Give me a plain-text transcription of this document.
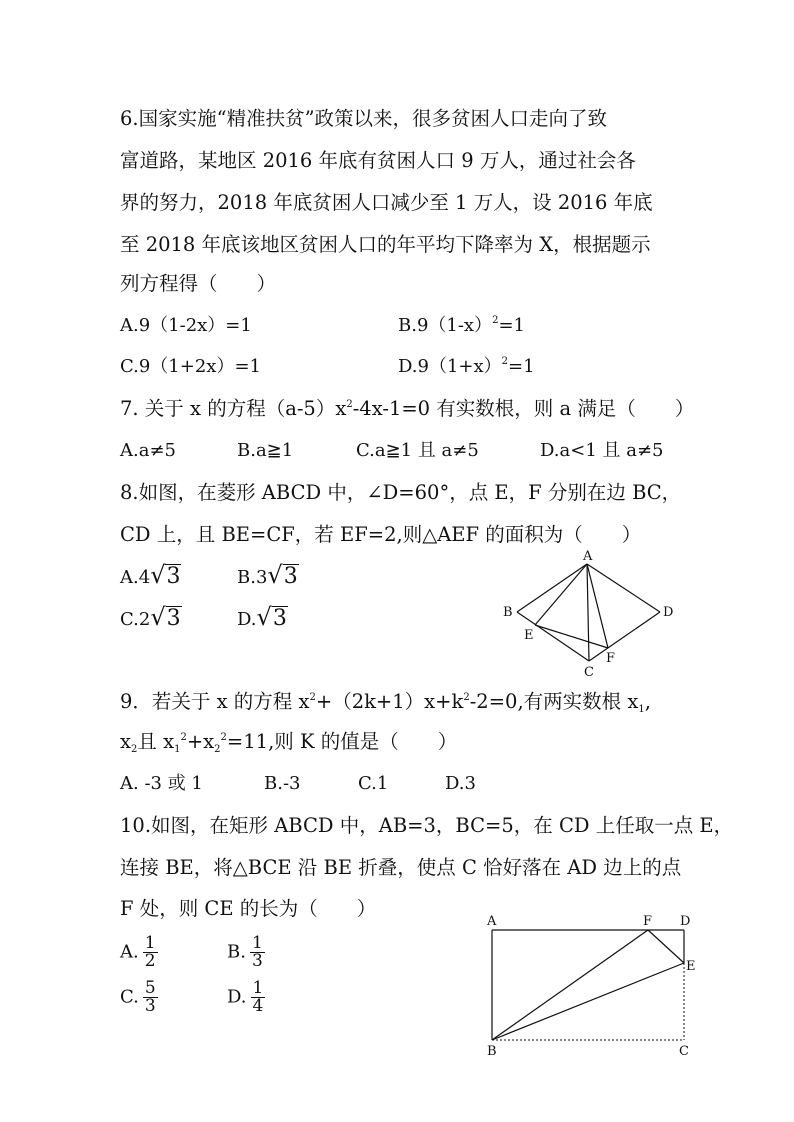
6.国家实施“精准扶贫”政策以来，很多贫困人口走向了致
富道路，某地区 2016 年底有贫困人口 9 万人，通过社会各
界的努力，2018 年底贫困人口减少至 1 万人，设 2016 年底
至 2018 年底该地区贫困人口的年平均下降率为 X，根据题示
列方程得（　　）
A.9（1-2x）=1	$B.9(1-x)^2=1$
C.9（1+2x）=1	$D.9(1+x)^2=1$
7. 关于 x 的方程$(a-5)x^2-4x-1=0$ 有实数根，则 a 满足（　　）
A.a≠5	B.a≧1	C.a≧1 且 a≠5	D.a<1 且 a≠5
8.如图，在菱形 ABCD 中，∠D=60°，点 E，F 分别在边 BC，
CD 上，且 BE=CF，若 EF=2,则△AEF 的面积为（　　）
A.4√3	B.3√3
C.2√3	D.√3
A
B	D
E
C
F
9．若关于 x 的方程 $x^2+(2k+1)x+k^2-2=0$,有两实数根 $x_1$,
$x_2$且 $x_1^2+x_2^2=11$,则 K 的值是（　　）
A. -3 或 1	B.-3	C.1	D.3
10.如图，在矩形 ABCD 中，AB=3，BC=5，在 CD 上任取一点 E，
连接 BE，将△BCE 沿 BE 折叠，使点 C 恰好落在 AD 边上的点
F 处，则 CE 的长为（　　）
A. $\frac{1}{2}$	B. $\frac{1}{3}$
C. $\frac{5}{3}$	D. $\frac{1}{4}$
A	F D
E
B	C
